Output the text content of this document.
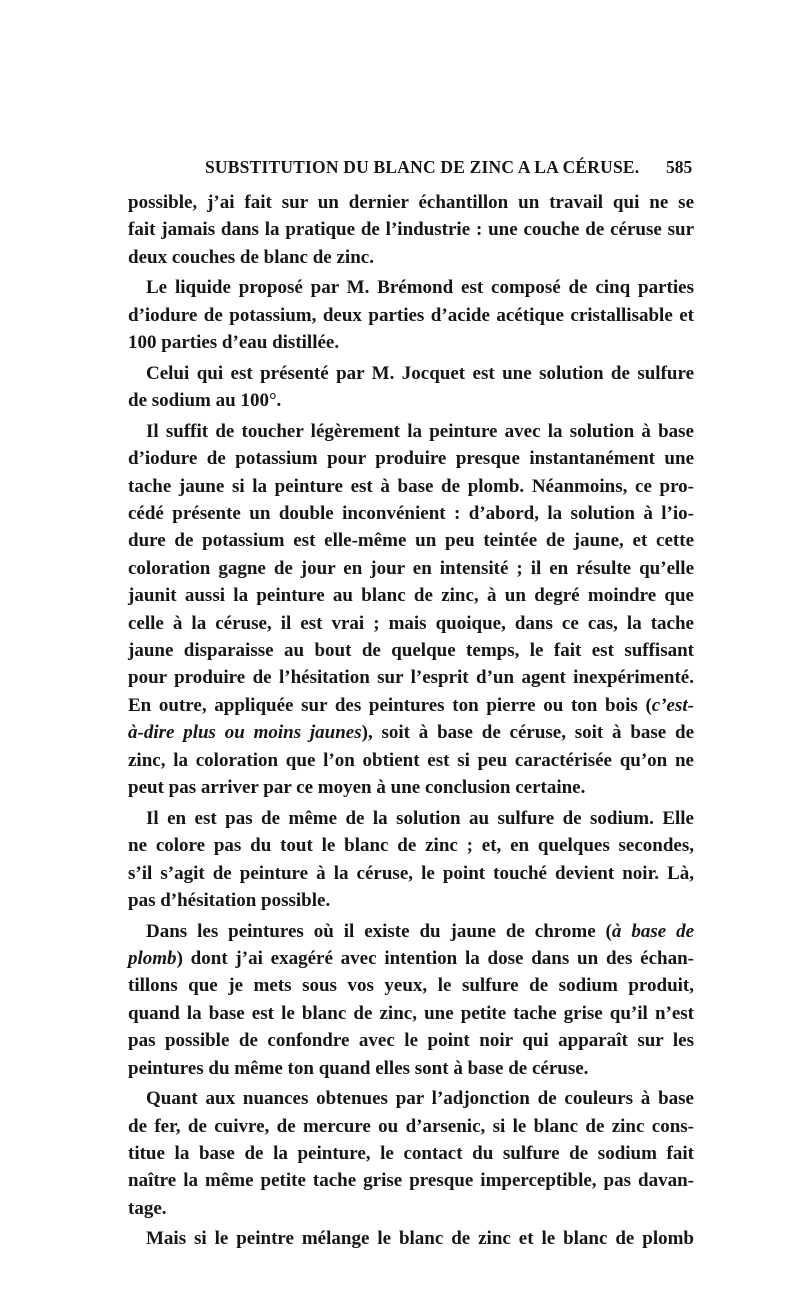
SUBSTITUTION DU BLANC DE ZINC A LA CÉRUSE. 585

possible, j’ai fait sur un dernier échantillon un travail qui ne se
fait jamais dans la pratique de l’industrie : une couche de céruse sur
deux couches de blanc de zinc.

Le liquide proposé par M. Brémond est composé de cinq parties
d’iodure de potassium, deux parties d’acide acétique cristallisable et
100 parties d’eau distillée.

Celui qui est présenté par M. Jocquet est une solution de sulfure
de sodium au 100°.

Il suffit de toucher légèrement la peinture avec la solution à base
d’iodure de potassium pour produire presque instantanément une
tache jaune si la peinture est à base de plomb. Néanmoins, ce pro-
cédé présente un double inconvénient : d’abord, la solution à l’io-
dure de potassium est elle-même un peu teintée de jaune, et cette
coloration gagne de jour en jour en intensité ; il en résulte qu’elle
jaunit aussi la peinture au blanc de zinc, à un degré moindre que
celle à la céruse, il est vrai ; mais quoique, dans ce cas, la tache
jaune disparaisse au bout de quelque temps, le fait est suffisant
pour produire de l’hésitation sur l’esprit d’un agent inexpérimenté.
En outre, appliquée sur des peintures ton pierre ou ton bois (c’est-
à-dire plus ou moins jaunes), soit à base de céruse, soit à base de
zinc, la coloration que l’on obtient est si peu caractérisée qu’on ne
peut pas arriver par ce moyen à une conclusion certaine.

Il en est pas de même de la solution au sulfure de sodium. Elle
ne colore pas du tout le blanc de zinc ; et, en quelques secondes,
s’il s’agit de peinture à la céruse, le point touché devient noir. Là,
pas d’hésitation possible.

Dans les peintures où il existe du jaune de chrome (à base de
plomb) dont j’ai exagéré avec intention la dose dans un des échan-
tillons que je mets sous vos yeux, le sulfure de sodium produit,
quand la base est le blanc de zinc, une petite tache grise qu’il n’est
pas possible de confondre avec le point noir qui apparaît sur les
peintures du même ton quand elles sont à base de céruse.

Quant aux nuances obtenues par l’adjonction de couleurs à base
de fer, de cuivre, de mercure ou d’arsenic, si le blanc de zinc cons-
titue la base de la peinture, le contact du sulfure de sodium fait
naître la même petite tache grise presque imperceptible, pas davan-
tage.

Mais si le peintre mélange le blanc de zinc et le blanc de plomb
